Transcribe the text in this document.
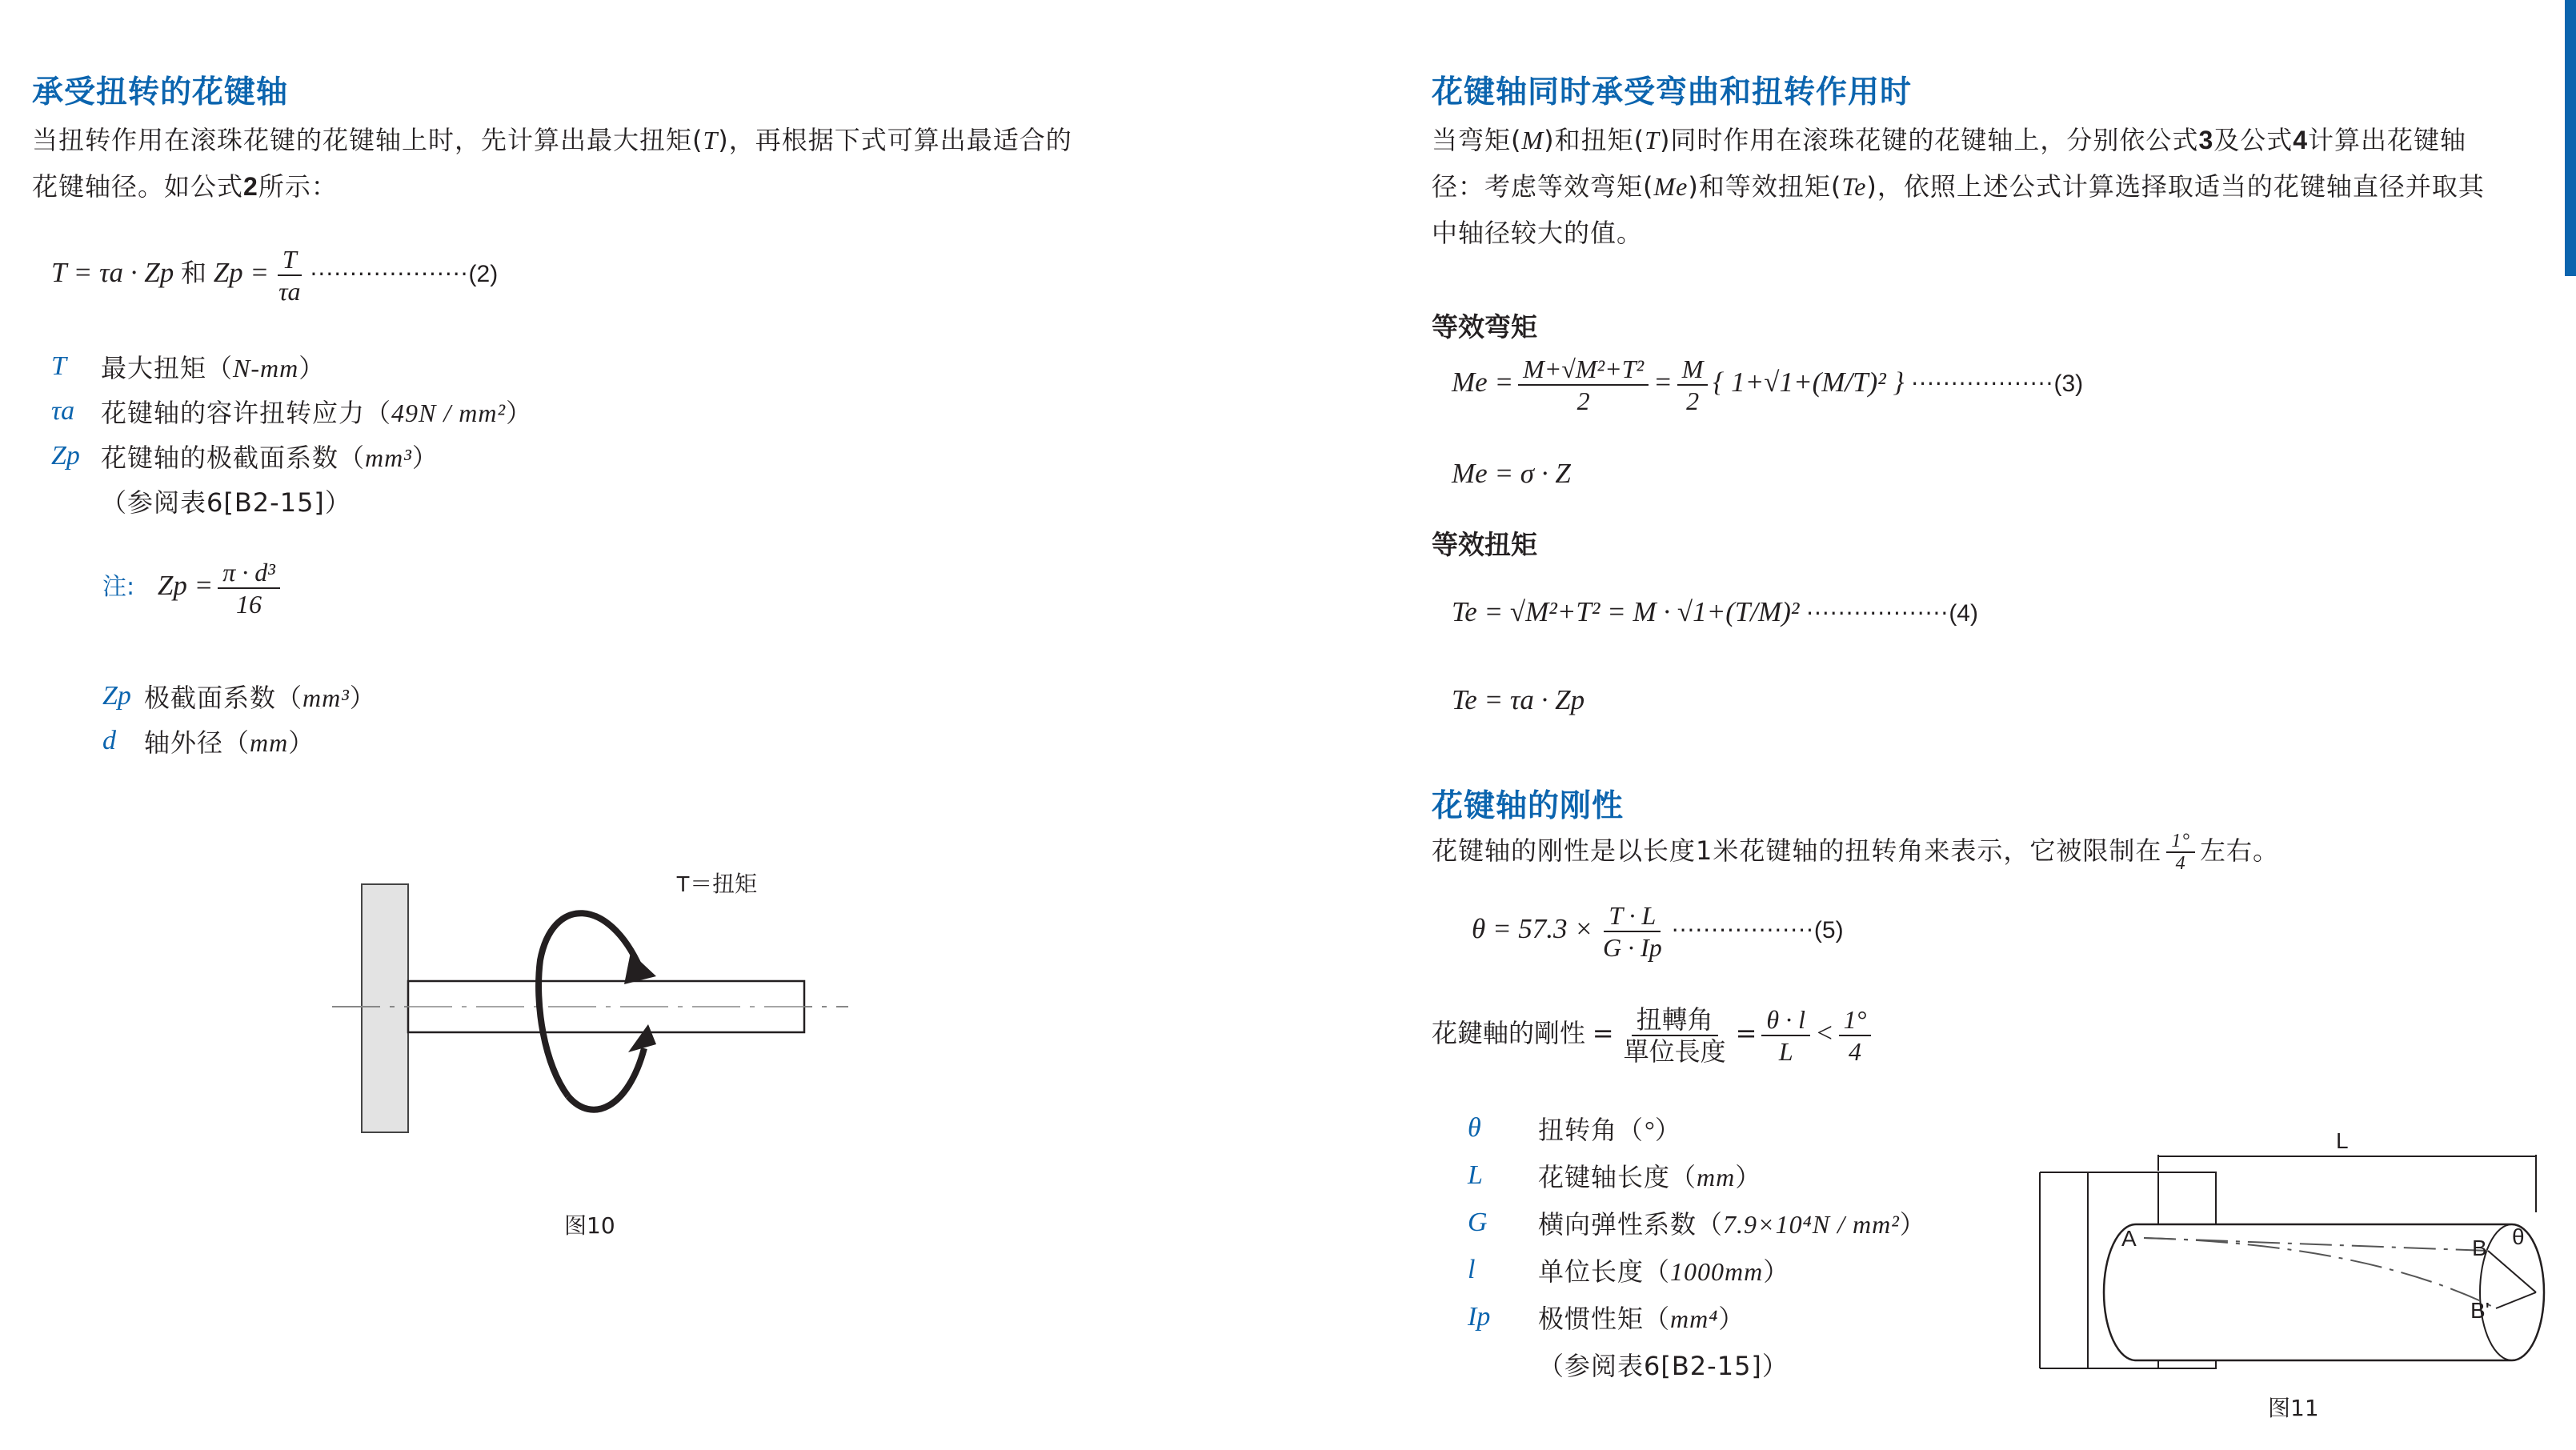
承受扭转的花键轴
当扭转作用在滚珠花键的花键轴上时，先计算出最大扭矩(T)，再根据下式可算出最适合的
花键轴径。如公式2所示：
T = τa · Zp 和 $Zp = \frac{T}{\tau a} \cdot\cdot\cdot\cdot\cdot\cdot\cdot\cdot\cdot\cdot\cdot\cdot\cdot\cdot\cdot\cdot\cdot\cdot\cdot\cdot(2)$
T	最大扭矩（N-mm）
τa	花键轴的容许扭转应力（49N / mm²）
Zp 花键轴的极截面系数（mm³）
（参阅表6[B2-15]）
注: $Zp = \frac{\text{π · d³}}{16}$
Zp 极截面系数（mm³）
d	轴外径（mm）
T＝扭矩
图10
花键轴同时承受弯曲和扭转作用时
当弯矩(M)和扭矩(T)同时作用在滚珠花键的花键轴上，分别依公式3及公式4计算出花键轴
径：考虑等效弯矩(Me)和等效扭矩(Te)，依照上述公式计算选择取适当的花键轴直径并取其
中轴径较大的值。
等效弯矩
$Me = \frac{\text{M+√M²+T²}}{2} = \frac{M}{2}$ { 1+√1+(M/T)² } ··················(3)
Me = σ · Z
等效扭矩
Te = √M²+T² = M · √1+(T/M)² ··················(4)
Te = τa · Zp
花键轴的刚性
花键轴的刚性是以长度1米花键轴的扭转角来表示，它被限制在 $\frac{1^\circ}{4}$ 左右。
$\theta = 57.3 \times \frac{T \cdot L}{G \cdot Ip} \cdot\cdot\cdot\cdot\cdot\cdot\cdot\cdot\cdot\cdot\cdot\cdot\cdot\cdot\cdot\cdot\cdot\cdot(5)$
花鍵軸的剛性 = $\frac{\text{扭轉角}}{\text{單位長度}} = \frac{\theta \cdot l}{L} < \frac{1^\circ}{4}$
θ	扭转角（°）
L	花键轴长度（mm）
G	横向弹性系数（7.9×10⁴N / mm²）
l	单位长度（1000mm）
Ip	极惯性矩（mm⁴）
（参阅表6[B2-15]）
L
A	B
B'
θ
图11
